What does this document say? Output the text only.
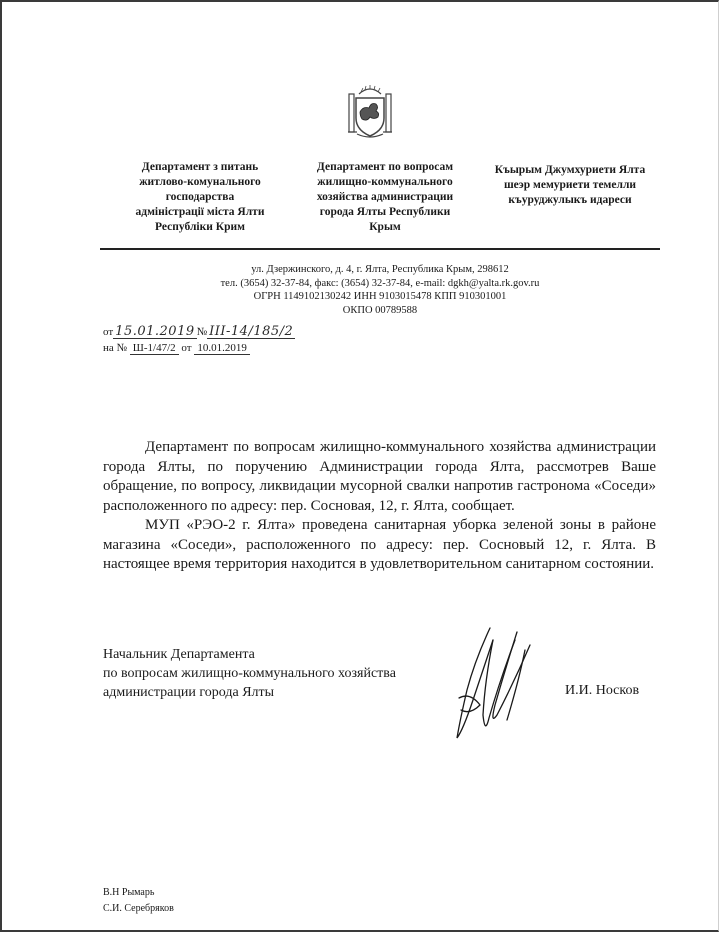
Департамент з питань
житлово-комунального
господарства
адміністрації міста Ялти
Республіки Крим
Департамент по вопросам
жилищно-коммунального
хозяйства администрации
города Ялты Республики
Крым
Къырым Джумхуриети Ялта
шеэр мемуриети темелли
къуруджулыкъ идареси
ул. Дзержинского, д. 4, г. Ялта, Республика Крым, 298612
тел. (3654) 32-37-84, факс: (3654) 32-37-84, e-mail: dgkh@yalta.rk.gov.ru
ОГРН 1149102130242 ИНН 9103015478 КПП 910301001
ОКПО 00789588
от 15.01.2019 № III-14/185/2
на № Ш-1/47/2 от 10.01.2019

Департамент по вопросам жилищно-коммунального хозяйства администрации города Ялты, по поручению Администрации города Ялта, рассмотрев Ваше обращение, по вопросу, ликвидации мусорной свалки напротив гастронома «Соседи» расположенного по адресу: пер. Сосновая, 12, г. Ялта, сообщает.

МУП «РЭО-2 г. Ялта» проведена санитарная уборка зеленой зоны в районе магазина «Соседи», расположенного по адресу: пер. Сосновый 12, г. Ялта. В настоящее время территория находится в удовлетворительном санитарном состоянии.

Начальник Департамента
по вопросам жилищно-коммунального хозяйства
администрации города Ялты	И.И. Носков
В.Н Рымарь
С.И. Серебряков
